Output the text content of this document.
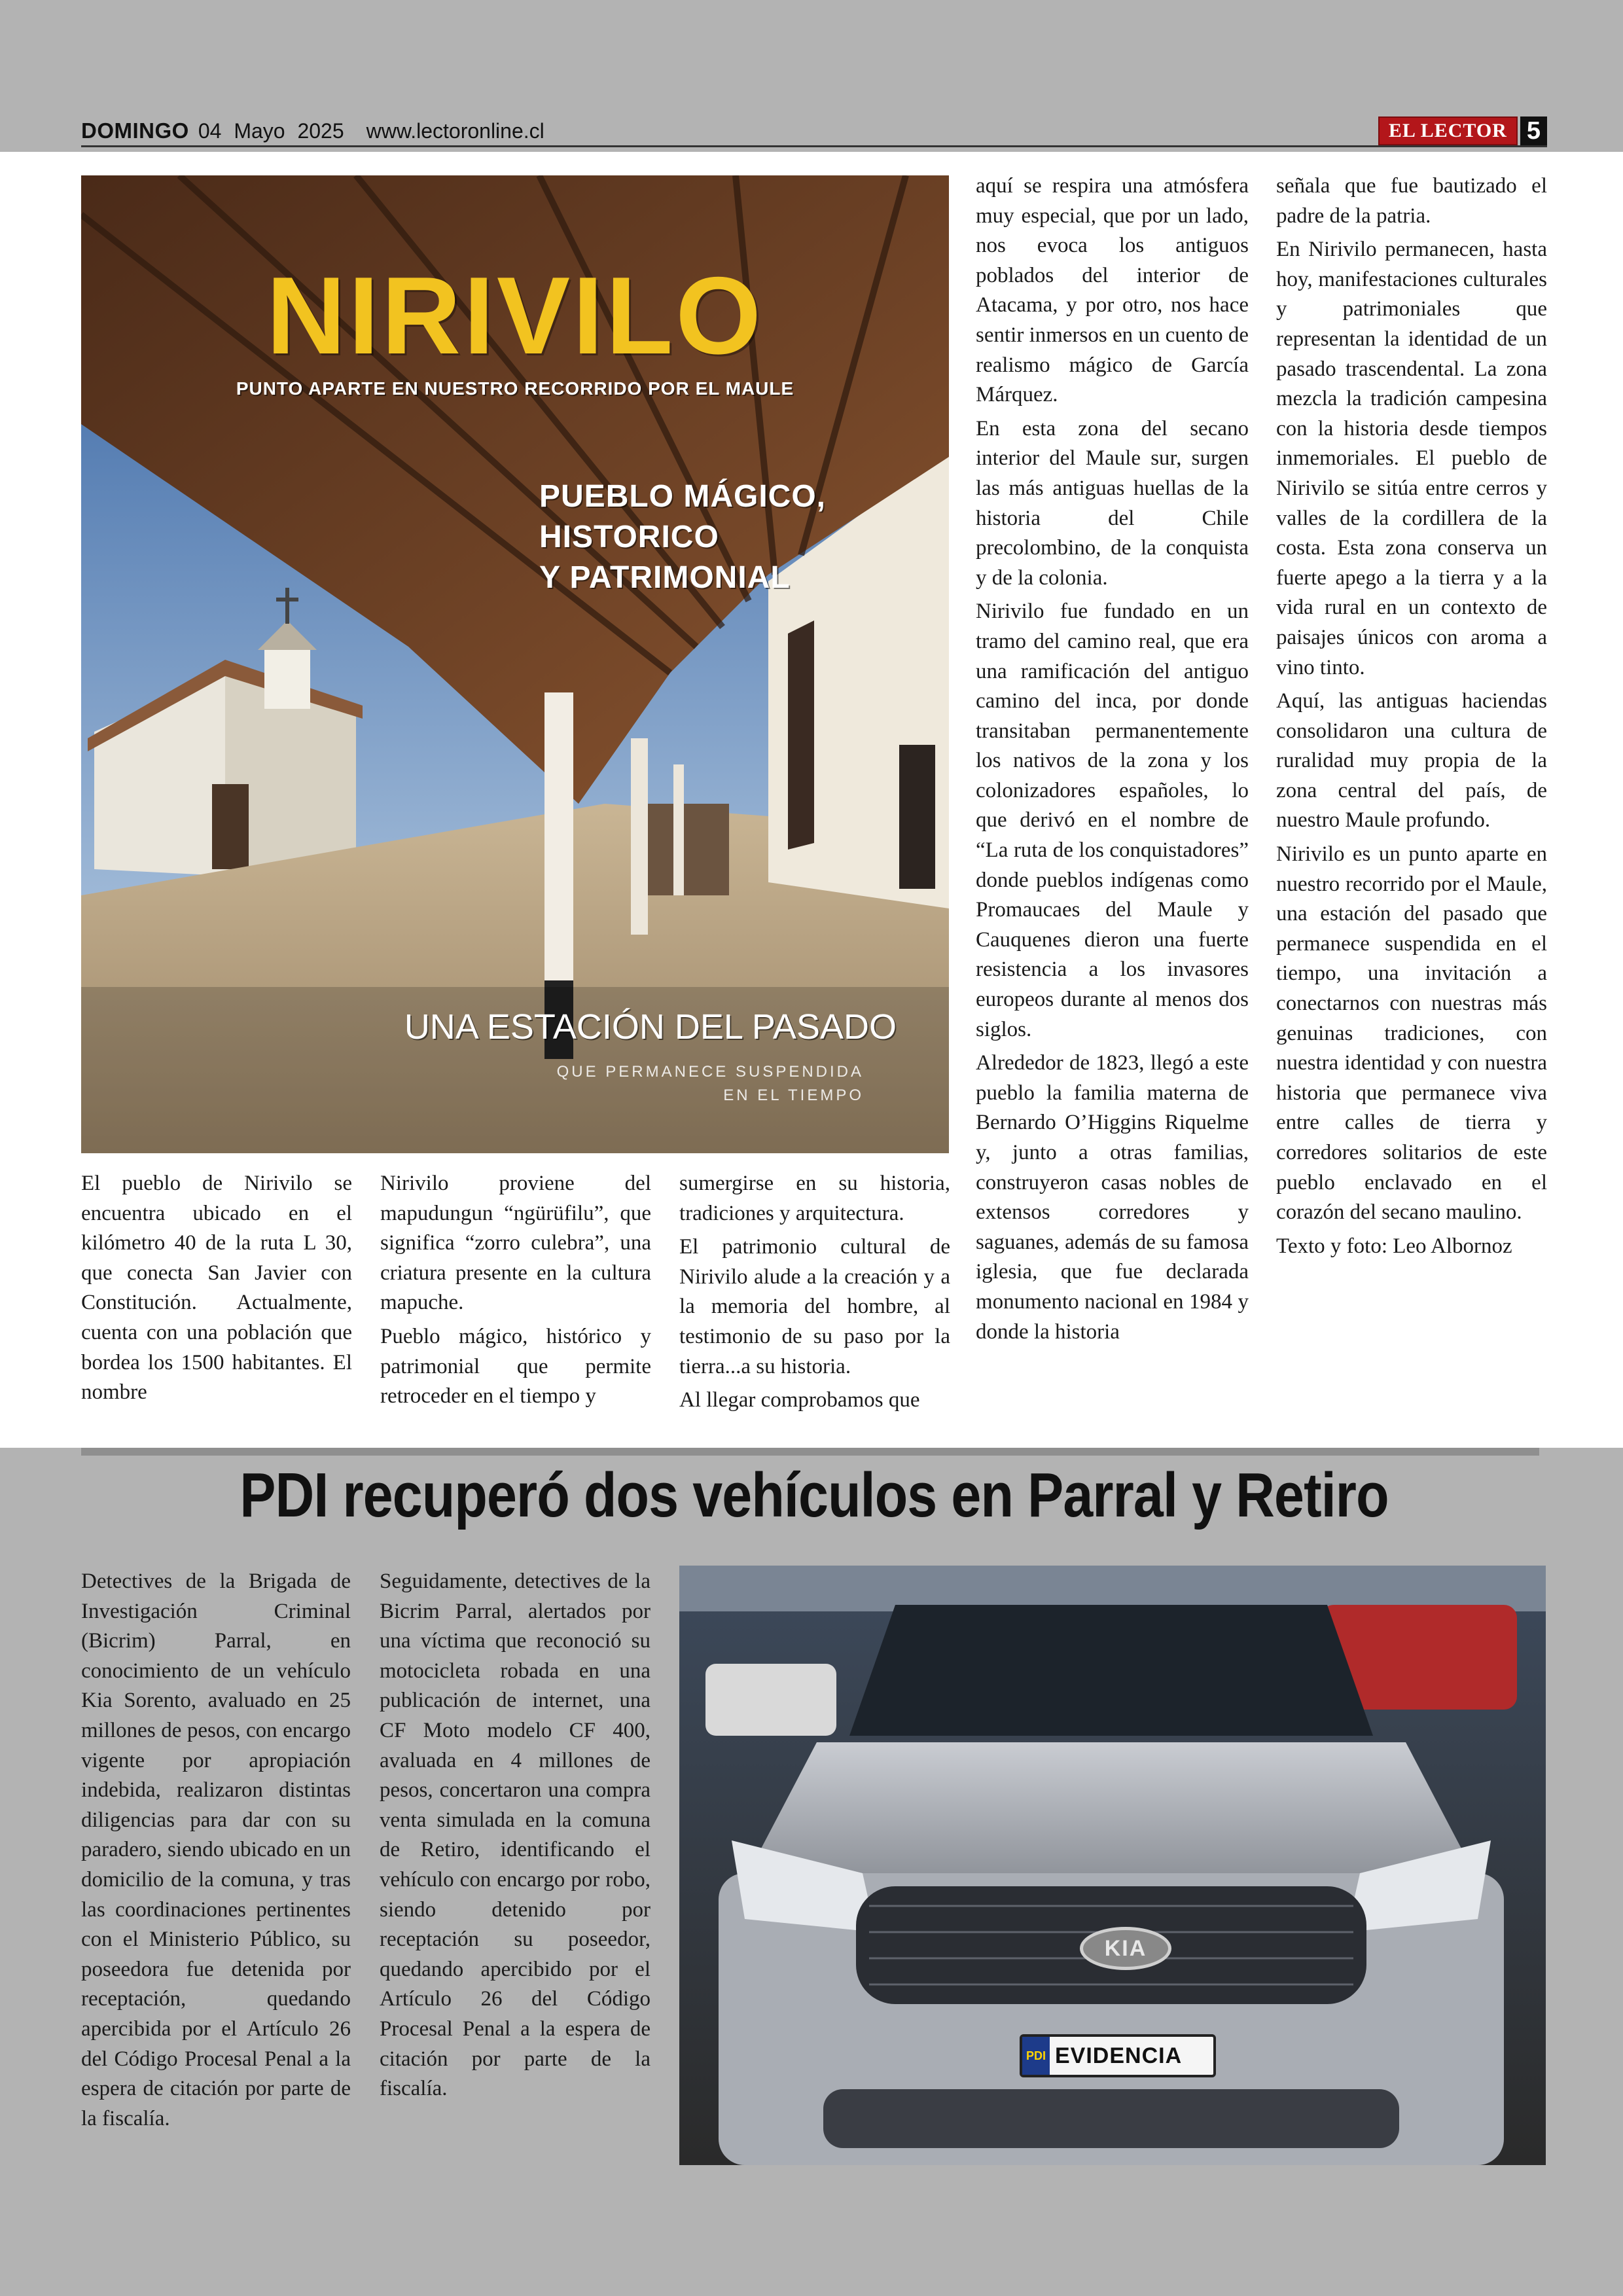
DOMINGO 04 Mayo 2025 www.lectoronline.cl	EL LECTOR 5
NIRIVILO
PUNTO APARTE EN NUESTRO RECORRIDO POR EL MAULE
PUEBLO MÁGICO,
HISTORICO
Y PATRIMONIAL
UNA ESTACIÓN DEL PASADO
QUE PERMANECE SUSPENDIDA
EN EL TIEMPO

El pueblo de Nirivilo se encuentra ubicado en el kilómetro 40 de la ruta L 30, que conecta San Javier con Constitución. Actualmente, cuenta con una población que bordea los 1500 habitantes. El nombre

Nirivilo proviene del mapudungun “ngürüfilu”, que significa “zorro culebra”, una criatura presente en la cultura mapuche.

Pueblo mágico, histórico y patrimonial que permite retroceder en el tiempo y

sumergirse en su historia, tradiciones y arquitectura.

El patrimonio cultural de Nirivilo alude a la creación y a la memoria del hombre, al testimonio de su paso por la tierra...a su historia.

Al llegar comprobamos que

aquí se respira una atmósfera muy especial, que por un lado, nos evoca los antiguos poblados del interior de Atacama, y por otro, nos hace sentir inmersos en un cuento de realismo mágico de García Márquez.

En esta zona del secano interior del Maule sur, surgen las más antiguas huellas de la historia del Chile precolombino, de la conquista y de la colonia.

Nirivilo fue fundado en un tramo del camino real, que era una ramificación del antiguo camino del inca, por donde transitaban permanentemente los nativos de la zona y los colonizadores españoles, lo que derivó en el nombre de “La ruta de los conquistadores” donde pueblos indígenas como Promaucaes del Maule y Cauquenes dieron una fuerte resistencia a los invasores europeos durante al menos dos siglos.

Alrededor de 1823, llegó a este pueblo la familia materna de Bernardo O’Higgins Riquelme y, junto a otras familias, construyeron casas nobles de extensos corredores y saguanes, además de su famosa iglesia, que fue declarada monumento nacional en 1984 y donde la historia

señala que fue bautizado el padre de la patria.

En Nirivilo permanecen, hasta hoy, manifestaciones culturales y patrimoniales que representan la identidad de un pasado trascendental. La zona mezcla la tradición campesina con la historia desde tiempos inmemoriales. El pueblo de Nirivilo se sitúa entre cerros y valles de la cordillera de la costa. Esta zona conserva un fuerte apego a la tierra y a la vida rural en un contexto de paisajes únicos con aroma a vino tinto.

Aquí, las antiguas haciendas consolidaron una cultura de ruralidad muy propia de la zona central del país, de nuestro Maule profundo.

Nirivilo es un punto aparte en nuestro recorrido por el Maule, una estación del pasado que permanece suspendida en el tiempo, una invitación a conectarnos con nuestras más genuinas tradiciones, con nuestra identidad y con nuestra historia que permanece viva entre calles de tierra y corredores solitarios de este pueblo enclavado en el corazón del secano maulino.

Texto y foto: Leo Albornoz

PDI recuperó dos vehículos en Parral y Retiro

Detectives de la Brigada de Investigación Criminal (Bicrim) Parral, en conocimiento de un vehículo Kia Sorento, avaluado en 25 millones de pesos, con encargo vigente por apropiación indebida, realizaron distintas diligencias para dar con su paradero, siendo ubicado en un domicilio de la comuna, y tras las coordinaciones pertinentes con el Ministerio Público, su poseedora fue detenida por receptación, quedando apercibida por el Artículo 26 del Código Procesal Penal a la espera de citación por parte de la fiscalía.

Seguidamente, detectives de la Bicrim Parral, alertados por una víctima que reconoció su motocicleta robada en una publicación de internet, una CF Moto modelo CF 400, avaluada en 4 millones de pesos, concertaron una compra venta simulada en la comuna de Retiro, identificando el vehículo con encargo por robo, siendo detenido por receptación su poseedor, quedando apercibido por el Artículo 26 del Código Procesal Penal a la espera de citación por parte de la fiscalía.

KIA
PDI EVIDENCIA
